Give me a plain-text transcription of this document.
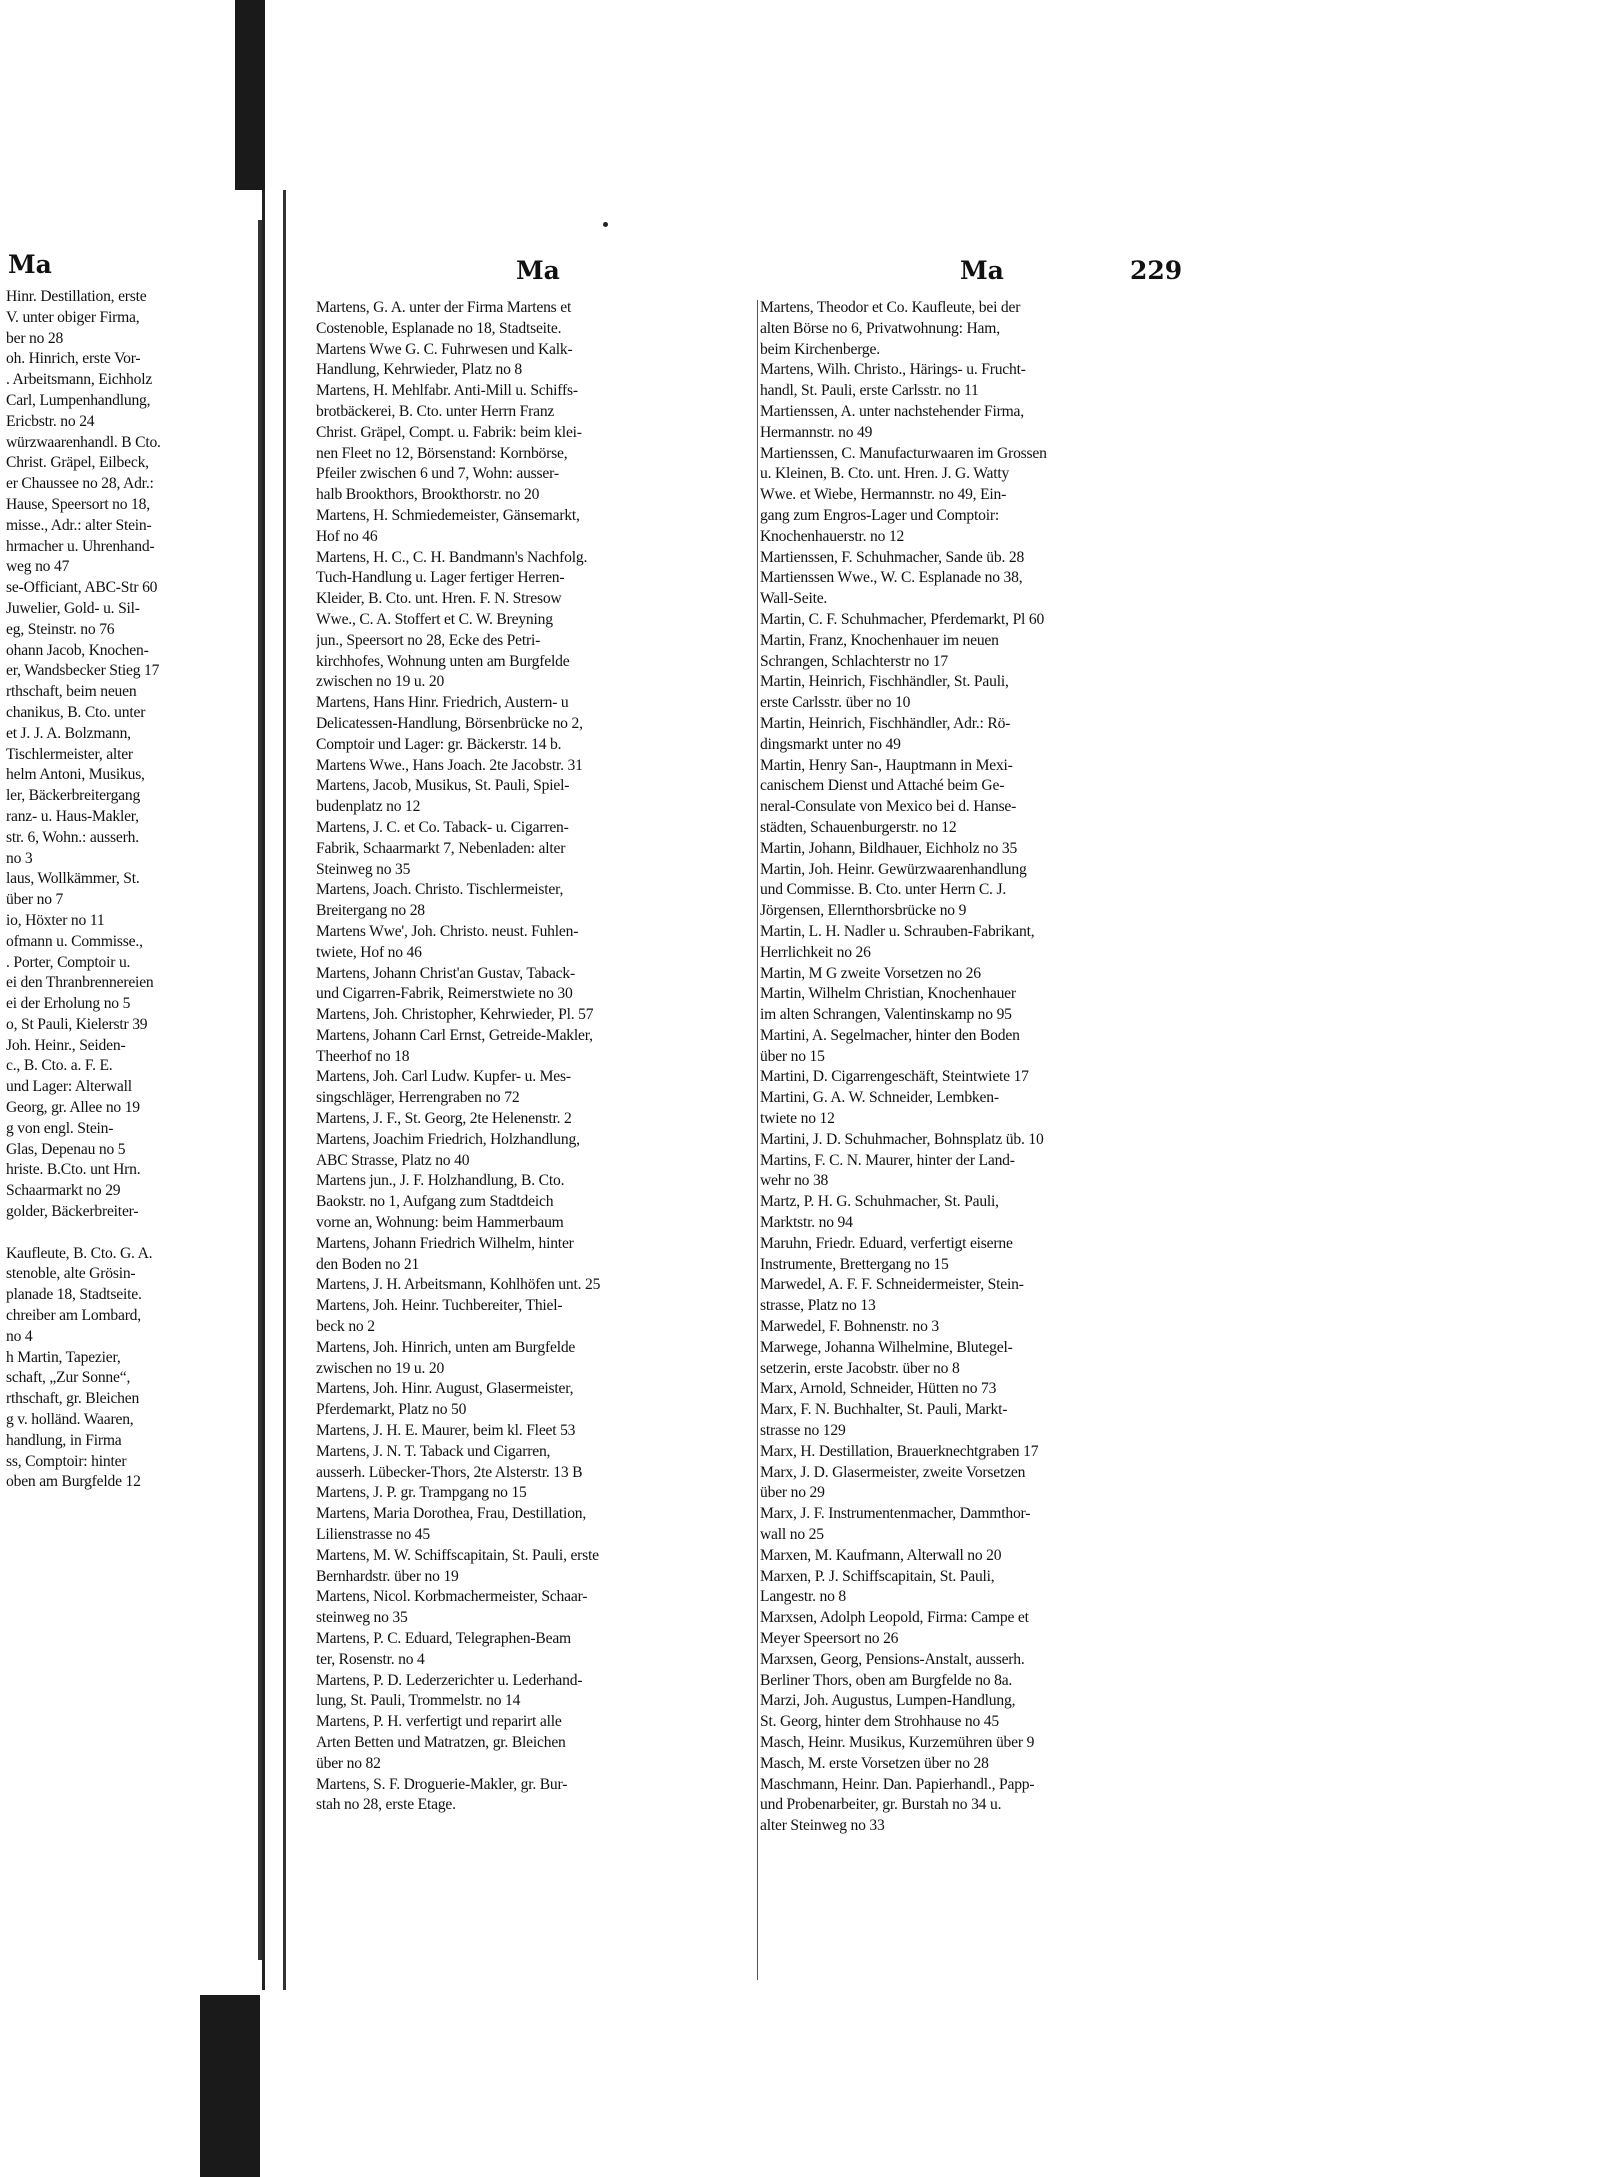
Ma	Ma	Ma	229
Hinr. Destillation, erste
V. unter obiger Firma,
ber no 28
oh. Hinrich, erste Vor-
. Arbeitsmann, Eichholz
Carl, Lumpenhandlung,
Ericbstr. no 24
würzwaarenhandl. B Cto.
Christ. Gräpel, Eilbeck,
er Chaussee no 28, Adr.:
Hause, Speersort no 18,
misse., Adr.: alter Stein-
hrmacher u. Uhrenhand-
weg no 47
se-Officiant, ABC-Str 60
Juwelier, Gold- u. Sil-
eg, Steinstr. no 76
ohann Jacob, Knochen-
er, Wandsbecker Stieg 17
rthschaft, beim neuen
chanikus, B. Cto. unter
et J. J. A. Bolzmann,
Tischlermeister, alter
helm Antoni, Musikus,
ler, Bäckerbreitergang
ranz- u. Haus-Makler,
str. 6, Wohn.: ausserh.
no 3
laus, Wollkämmer, St.
über no 7
io, Höxter no 11
ofmann u. Commisse.,
. Porter, Comptoir u.
ei den Thranbrennereien
ei der Erholung no 5
o, St Pauli, Kielerstr 39
Joh. Heinr., Seiden-
c., B. Cto. a. F. E.
und Lager: Alterwall
Georg, gr. Allee no 19
g von engl. Stein-
Glas, Depenau no 5
hriste. B.Cto. unt Hrn.
Schaarmarkt no 29
golder, Bäckerbreiter-
Kaufleute, B. Cto. G. A.
stenoble, alte Grösin-
planade 18, Stadtseite.
chreiber am Lombard,
no 4
h Martin, Tapezier,
schaft, „Zur Sonne“,
rthschaft, gr. Bleichen
g v. holländ. Waaren,
handlung, in Firma
ss, Comptoir: hinter
oben am Burgfelde 12
Martens, G. A. unter der Firma Martens et
Costenoble, Esplanade no 18, Stadtseite.
Martens Wwe G. C. Fuhrwesen und Kalk-
Handlung, Kehrwieder, Platz no 8
Martens, H. Mehlfabr. Anti-Mill u. Schiffs-
brotbäckerei, B. Cto. unter Herrn Franz
Christ. Gräpel, Compt. u. Fabrik: beim klei-
nen Fleet no 12, Börsenstand: Kornbörse,
Pfeiler zwischen 6 und 7, Wohn: ausser-
halb Brookthors, Brookthorstr. no 20
Martens, H. Schmiedemeister, Gänsemarkt,
Hof no 46
Martens, H. C., C. H. Bandmann's Nachfolg.
Tuch-Handlung u. Lager fertiger Herren-
Kleider, B. Cto. unt. Hren. F. N. Stresow
Wwe., C. A. Stoffert et C. W. Breyning
jun., Speersort no 28, Ecke des Petri-
kirchhofes, Wohnung unten am Burgfelde
zwischen no 19 u. 20
Martens, Hans Hinr. Friedrich, Austern- u
Delicatessen-Handlung, Börsenbrücke no 2,
Comptoir und Lager: gr. Bäckerstr. 14 b.
Martens Wwe., Hans Joach. 2te Jacobstr. 31
Martens, Jacob, Musikus, St. Pauli, Spiel-
budenplatz no 12
Martens, J. C. et Co. Taback- u. Cigarren-
Fabrik, Schaarmarkt 7, Nebenladen: alter
Steinweg no 35
Martens, Joach. Christo. Tischlermeister,
Breitergang no 28
Martens Wwe', Joh. Christo. neust. Fuhlen-
twiete, Hof no 46
Martens, Johann Christ'an Gustav, Taback-
und Cigarren-Fabrik, Reimerstwiete no 30
Martens, Joh. Christopher, Kehrwieder, Pl. 57
Martens, Johann Carl Ernst, Getreide-Makler,
Theerhof no 18
Martens, Joh. Carl Ludw. Kupfer- u. Mes-
singschläger, Herrengraben no 72
Martens, J. F., St. Georg, 2te Helenenstr. 2
Martens, Joachim Friedrich, Holzhandlung,
ABC Strasse, Platz no 40
Martens jun., J. F. Holzhandlung, B. Cto.
Baokstr. no 1, Aufgang zum Stadtdeich
vorne an, Wohnung: beim Hammerbaum
Martens, Johann Friedrich Wilhelm, hinter
den Boden no 21
Martens, J. H. Arbeitsmann, Kohlhöfen unt. 25
Martens, Joh. Heinr. Tuchbereiter, Thiel-
beck no 2
Martens, Joh. Hinrich, unten am Burgfelde
zwischen no 19 u. 20
Martens, Joh. Hinr. August, Glasermeister,
Pferdemarkt, Platz no 50
Martens, J. H. E. Maurer, beim kl. Fleet 53
Martens, J. N. T. Taback und Cigarren,
ausserh. Lübecker-Thors, 2te Alsterstr. 13 B
Martens, J. P. gr. Trampgang no 15
Martens, Maria Dorothea, Frau, Destillation,
Lilienstrasse no 45
Martens, M. W. Schiffscapitain, St. Pauli, erste
Bernhardstr. über no 19
Martens, Nicol. Korbmachermeister, Schaar-
steinweg no 35
Martens, P. C. Eduard, Telegraphen-Beam
ter, Rosenstr. no 4
Martens, P. D. Lederzerichter u. Lederhand-
lung, St. Pauli, Trommelstr. no 14
Martens, P. H. verfertigt und reparirt alle
Arten Betten und Matratzen, gr. Bleichen
über no 82
Martens, S. F. Droguerie-Makler, gr. Bur-
stah no 28, erste Etage.
Martens, Theodor et Co. Kaufleute, bei der
alten Börse no 6, Privatwohnung: Ham,
beim Kirchenberge.
Martens, Wilh. Christo., Härings- u. Frucht-
handl, St. Pauli, erste Carlsstr. no 11
Martienssen, A. unter nachstehender Firma,
Hermannstr. no 49
Martienssen, C. Manufacturwaaren im Grossen
u. Kleinen, B. Cto. unt. Hren. J. G. Watty
Wwe. et Wiebe, Hermannstr. no 49, Ein-
gang zum Engros-Lager und Comptoir:
Knochenhauerstr. no 12
Martienssen, F. Schuhmacher, Sande üb. 28
Martienssen Wwe., W. C. Esplanade no 38,
Wall-Seite.
Martin, C. F. Schuhmacher, Pferdemarkt, Pl 60
Martin, Franz, Knochenhauer im neuen
Schrangen, Schlachterstr no 17
Martin, Heinrich, Fischhändler, St. Pauli,
erste Carlsstr. über no 10
Martin, Heinrich, Fischhändler, Adr.: Rö-
dingsmarkt unter no 49
Martin, Henry San-, Hauptmann in Mexi-
canischem Dienst und Attaché beim Ge-
neral-Consulate von Mexico bei d. Hanse-
städten, Schauenburgerstr. no 12
Martin, Johann, Bildhauer, Eichholz no 35
Martin, Joh. Heinr. Gewürzwaarenhandlung
und Commisse. B. Cto. unter Herrn C. J.
Jörgensen, Ellernthorsbrücke no 9
Martin, L. H. Nadler u. Schrauben-Fabrikant,
Herrlichkeit no 26
Martin, M G zweite Vorsetzen no 26
Martin, Wilhelm Christian, Knochenhauer
im alten Schrangen, Valentinskamp no 95
Martini, A. Segelmacher, hinter den Boden
über no 15
Martini, D. Cigarrengeschäft, Steintwiete 17
Martini, G. A. W. Schneider, Lembken-
twiete no 12
Martini, J. D. Schuhmacher, Bohnsplatz üb. 10
Martins, F. C. N. Maurer, hinter der Land-
wehr no 38
Martz, P. H. G. Schuhmacher, St. Pauli,
Marktstr. no 94
Maruhn, Friedr. Eduard, verfertigt eiserne
Instrumente, Brettergang no 15
Marwedel, A. F. F. Schneidermeister, Stein-
strasse, Platz no 13
Marwedel, F. Bohnenstr. no 3
Marwege, Johanna Wilhelmine, Blutegel-
setzerin, erste Jacobstr. über no 8
Marx, Arnold, Schneider, Hütten no 73
Marx, F. N. Buchhalter, St. Pauli, Markt-
strasse no 129
Marx, H. Destillation, Brauerknechtgraben 17
Marx, J. D. Glasermeister, zweite Vorsetzen
über no 29
Marx, J. F. Instrumentenmacher, Dammthor-
wall no 25
Marxen, M. Kaufmann, Alterwall no 20
Marxen, P. J. Schiffscapitain, St. Pauli,
Langestr. no 8
Marxsen, Adolph Leopold, Firma: Campe et
Meyer Speersort no 26
Marxsen, Georg, Pensions-Anstalt, ausserh.
Berliner Thors, oben am Burgfelde no 8a.
Marzi, Joh. Augustus, Lumpen-Handlung,
St. Georg, hinter dem Strohhause no 45
Masch, Heinr. Musikus, Kurzemühren über 9
Masch, M. erste Vorsetzen über no 28
Maschmann, Heinr. Dan. Papierhandl., Papp-
und Probenarbeiter, gr. Burstah no 34 u.
alter Steinweg no 33
